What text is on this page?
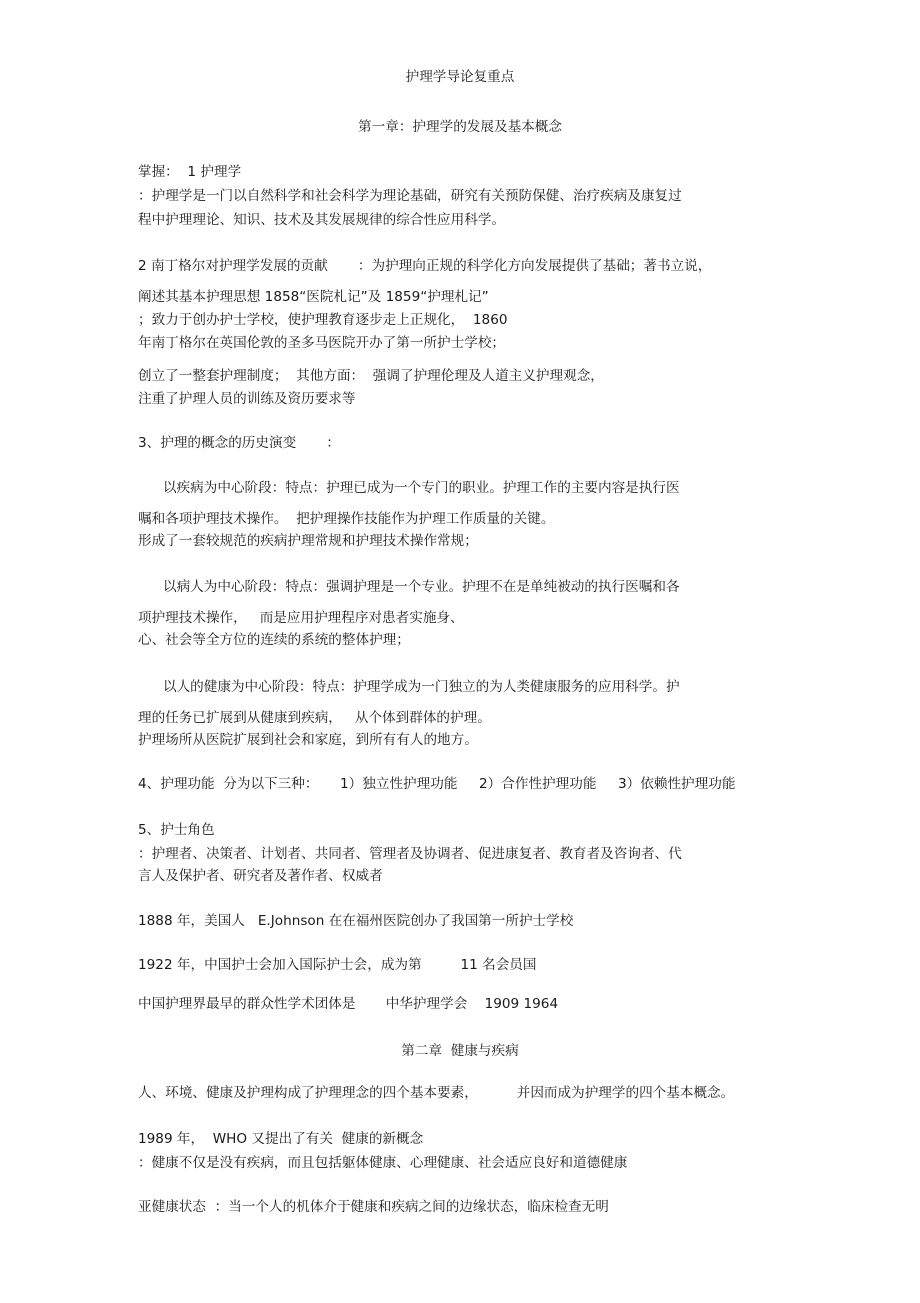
护理学导论复重点
第一章：护理学的发展及基本概念
掌握：  1 护理学
：护理学是一门以自然科学和社会科学为理论基础，研究有关预防保健、治疗疾病及康复过
程中护理理论、知识、技术及其发展规律的综合性应用科学。
2 南丁格尔对护理学发展的贡献       ：为护理向正规的科学化方向发展提供了基础；著书立说，
阐述其基本护理思想 1858“医院札记”及 1859“护理札记”
；致力于创办护士学校，使护理教育逐步走上正规化，  1860
年南丁格尔在英国伦敦的圣多马医院开办了第一所护士学校；
创立了一整套护理制度；  其他方面：  强调了护理伦理及人道主义护理观念，
注重了护理人员的训练及资历要求等
3、护理的概念的历史演变       ：
以疾病为中心阶段：特点：护理已成为一个专门的职业。护理工作的主要内容是执行医
嘱和各项护理技术操作。  把护理操作技能作为护理工作质量的关键。
形成了一套较规范的疾病护理常规和护理技术操作常规；
以病人为中心阶段：特点：强调护理是一个专业。护理不在是单纯被动的执行医嘱和各
项护理技术操作，   而是应用护理程序对患者实施身、
心、社会等全方位的连续的系统的整体护理；
以人的健康为中心阶段：特点：护理学成为一门独立的为人类健康服务的应用科学。护
理的任务已扩展到从健康到疾病，   从个体到群体的护理。
护理场所从医院扩展到社会和家庭，到所有有人的地方。
4、护理功能  分为以下三种：     1）独立性护理功能     2）合作性护理功能     3）依赖性护理功能
5、护士角色
：护理者、决策者、计划者、共同者、管理者及协调者、促进康复者、教育者及咨询者、代
言人及保护者、研究者及著作者、权威者
1888 年，美国人   E.Johnson 在在福州医院创办了我国第一所护士学校
1922 年，中国护士会加入国际护士会，成为第         11 名会员国
中国护理界最早的群众性学术团体是       中华护理学会    1909 1964
第二章  健康与疾病
人、环境、健康及护理构成了护理理念的四个基本要素，         并因而成为护理学的四个基本概念。
1989 年，  WHO 又提出了有关  健康的新概念
：健康不仅是没有疾病，而且包括躯体健康、心理健康、社会适应良好和道德健康
亚健康状态  ：当一个人的机体介于健康和疾病之间的边缘状态，临床检查无明
